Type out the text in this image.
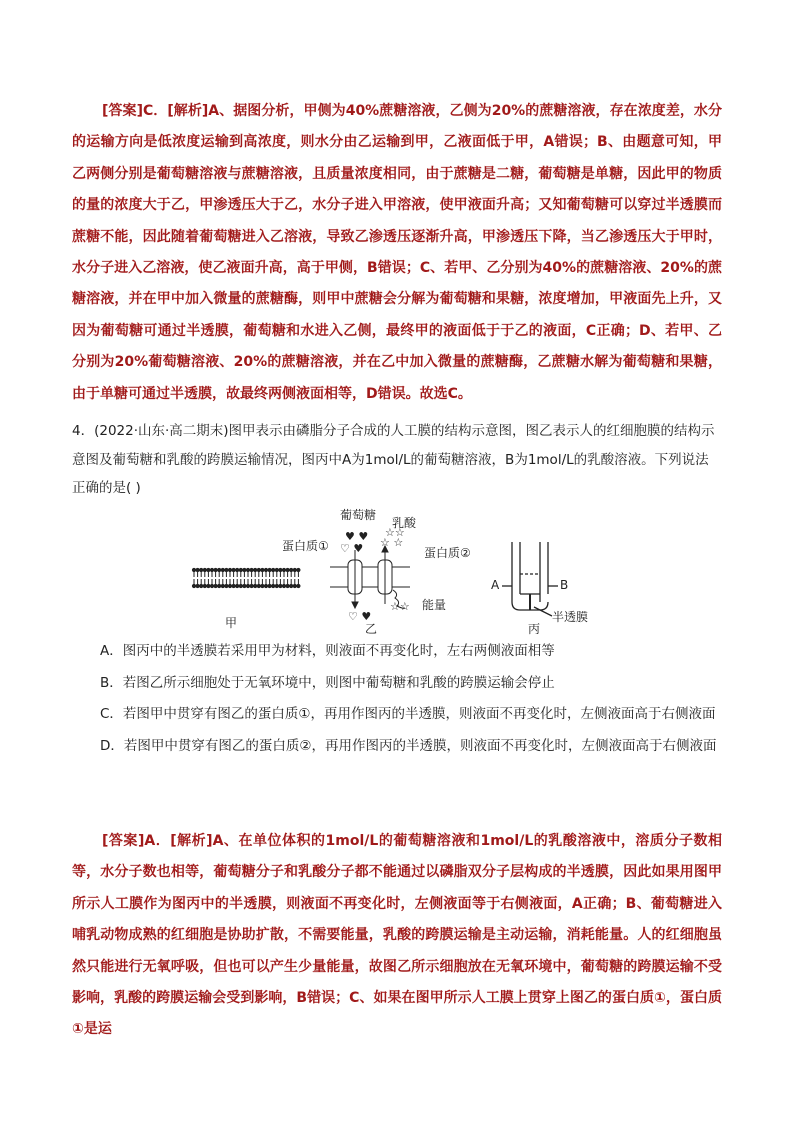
[答案]C．[解析]A、据图分析，甲侧为40%蔗糖溶液，乙侧为20%的蔗糖溶液，存在浓度差，水分的运输方向是低浓度运输到高浓度，则水分由乙运输到甲，乙液面低于甲，A错误；B、由题意可知，甲乙两侧分别是葡萄糖溶液与蔗糖溶液，且质量浓度相同，由于蔗糖是二糖，葡萄糖是单糖，因此甲的物质的量的浓度大于乙，甲渗透压大于乙，水分子进入甲溶液，使甲液面升高；又知葡萄糖可以穿过半透膜而蔗糖不能，因此随着葡萄糖进入乙溶液，导致乙渗透压逐渐升高，甲渗透压下降，当乙渗透压大于甲时，水分子进入乙溶液，使乙液面升高，高于甲侧，B错误；C、若甲、乙分别为40%的蔗糖溶液、20%的蔗糖溶液，并在甲中加入微量的蔗糖酶，则甲中蔗糖会分解为葡萄糖和果糖，浓度增加，甲液面先上升，又因为葡萄糖可通过半透膜，葡萄糖和水进入乙侧，最终甲的液面低于于乙的液面，C正确；D、若甲、乙分别为20%葡萄糖溶液、20%的蔗糖溶液，并在乙中加入微量的蔗糖酶，乙蔗糖水解为葡萄糖和果糖，由于单糖可通过半透膜，故最终两侧液面相等，D错误。故选C。

4．(2022·山东·高二期末)图甲表示由磷脂分子合成的人工膜的结构示意图，图乙表示人的红细胞膜的结构示意图及葡萄糖和乳酸的跨膜运输情况，图丙中A为1mol/L的葡萄糖溶液，B为1mol/L的乳酸溶液。下列说法正确的是( )
♥ ♥
♡ ♥
♡ ♥
☆☆
☆ ☆
☆☆
甲	乙	丙
葡萄糖
乳酸
蛋白质①	蛋白质②
能量
A	B
半透膜

A．图丙中的半透膜若采用甲为材料，则液面不再变化时，左右两侧液面相等

B．若图乙所示细胞处于无氧环境中，则图中葡萄糖和乳酸的跨膜运输会停止

C．若图甲中贯穿有图乙的蛋白质①，再用作图丙的半透膜，则液面不再变化时，左侧液面高于右侧液面

D．若图甲中贯穿有图乙的蛋白质②，再用作图丙的半透膜，则液面不再变化时，左侧液面高于右侧液面

[答案]A．[解析]A、在单位体积的1mol/L的葡萄糖溶液和1mol/L的乳酸溶液中，溶质分子数相等，水分子数也相等，葡萄糖分子和乳酸分子都不能通过以磷脂双分子层构成的半透膜，因此如果用图甲所示人工膜作为图丙中的半透膜，则液面不再变化时，左侧液面等于右侧液面，A正确；B、葡萄糖进入哺乳动物成熟的红细胞是协助扩散，不需要能量，乳酸的跨膜运输是主动运输，消耗能量。人的红细胞虽然只能进行无氧呼吸，但也可以产生少量能量，故图乙所示细胞放在无氧环境中，葡萄糖的跨膜运输不受影响，乳酸的跨膜运输会受到影响，B错误；C、如果在图甲所示人工膜上贯穿上图乙的蛋白质①，蛋白质①是运
